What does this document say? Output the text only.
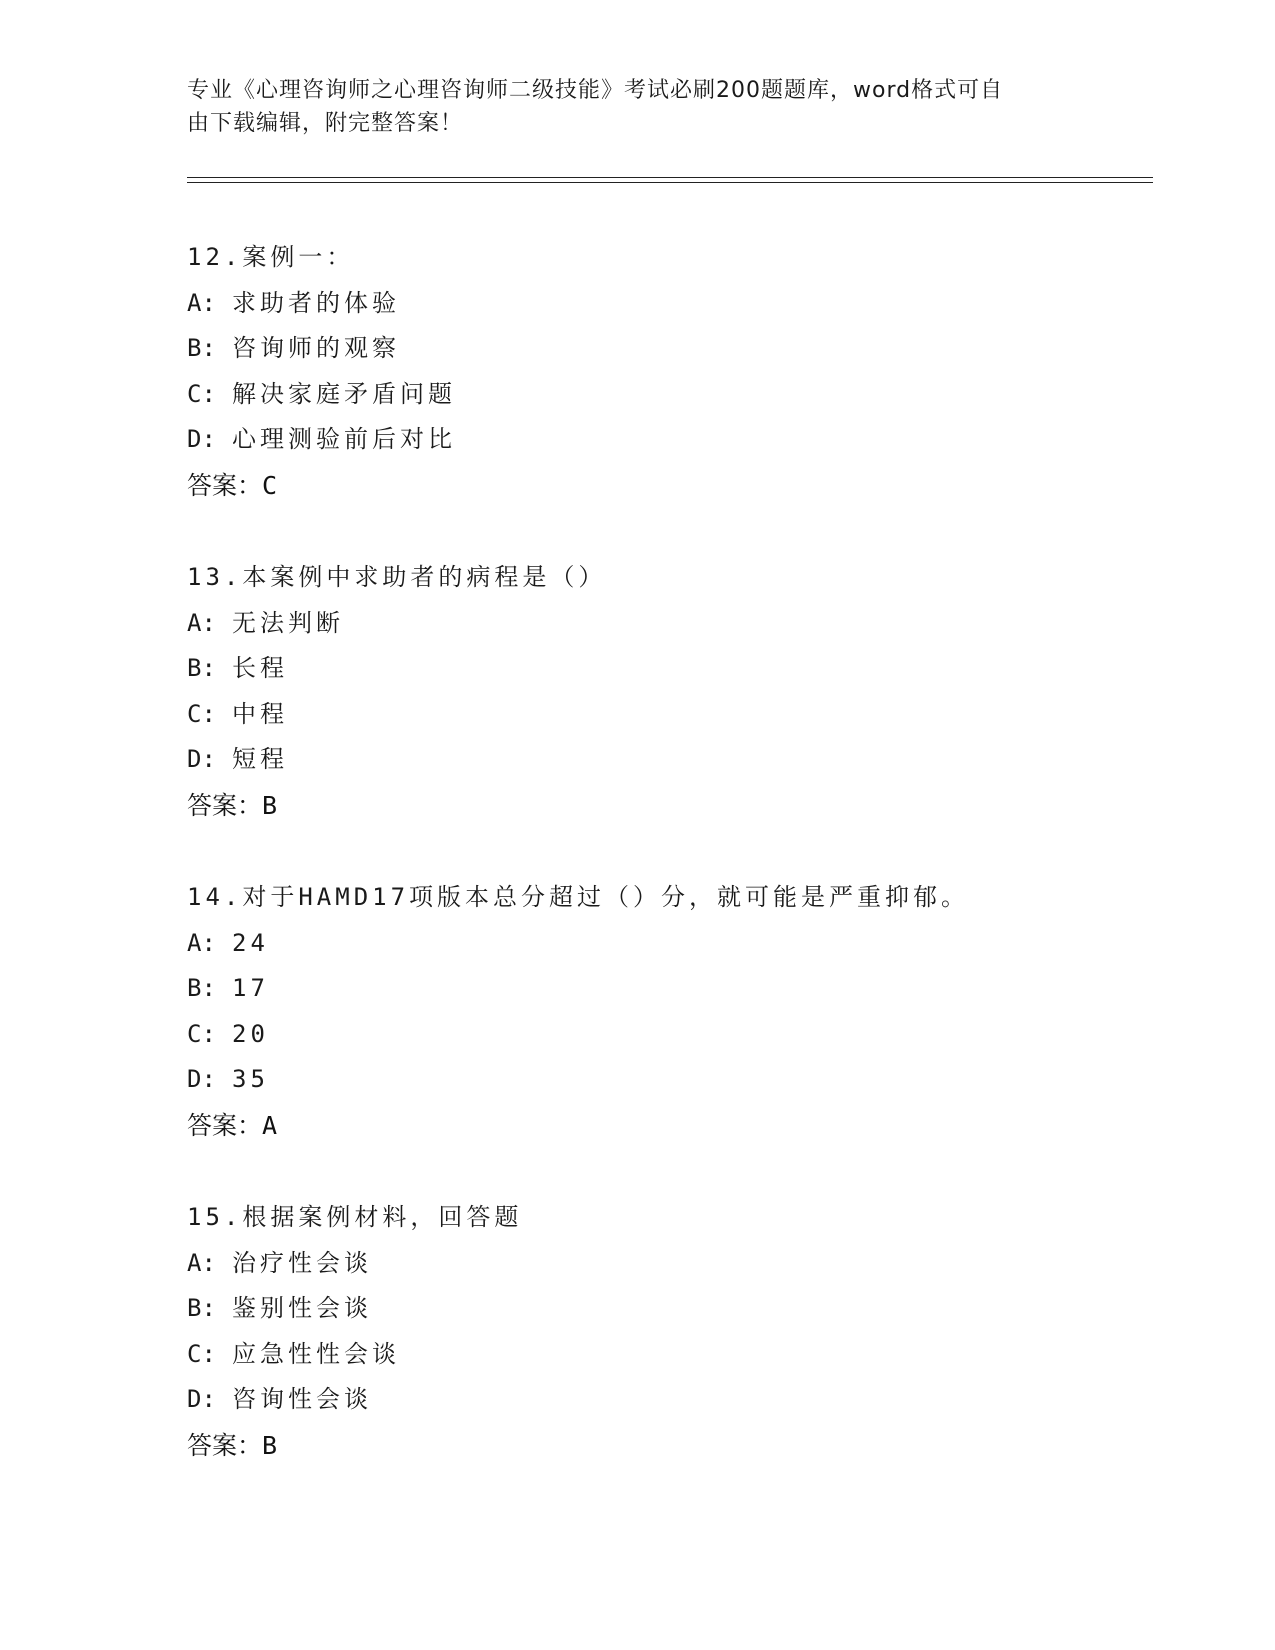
专业《心理咨询师之心理咨询师二级技能》考试必刷200题题库，word格式可自
由下载编辑，附完整答案！
12.案例一：
A: 求助者的体验
B: 咨询师的观察
C: 解决家庭矛盾问题
D: 心理测验前后对比
答案：C
13.本案例中求助者的病程是（）
A: 无法判断
B: 长程
C: 中程
D: 短程
答案：B
14.对于HAMD17项版本总分超过（）分，就可能是严重抑郁。
A: 24
B: 17
C: 20
D: 35
答案：A
15.根据案例材料，回答题
A: 治疗性会谈
B: 鉴别性会谈
C: 应急性性会谈
D: 咨询性会谈
答案：B
